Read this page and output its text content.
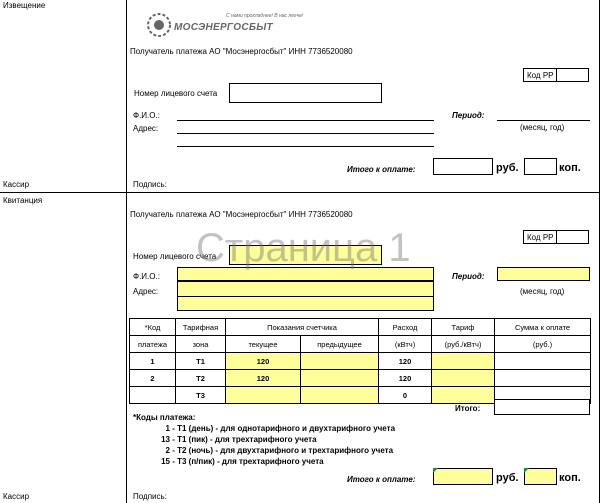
Извещение
Кассир
МОСЭНЕРГОСБЫТ
С нами прохладнее! В нас легче!
Получатель платежа АО "Мосэнергосбыт" ИНН 7736520080
Код РР
Номер лицевого счета
Ф.И.О.:
Адрес:
Период:
(месяц, год)
Итого к оплате:	руб.	коп.
Подпись:
Квитанция
Кассир
Получатель платежа АО "Мосэнергосбыт" ИНН 7736520080
Код РР
Номер лицевого счета
Ф.И.О.:
Адрес:
Период:
(месяц, год)
Страница 1
*Код	Тарифная	Показания счетчика		Расход	Тариф	Сумма к оплате
платежа	зона	текущее	предыдущее	(кВтч)	(руб./кВтч)	(руб.)
1	Т1	120		120		
2	Т2	120		120		
	Т3			0		
Итого:
*Коды платежа:
1 - Т1 (день) - для однотарифного и двухтарифного учета
13 - Т1 (пик) - для трехтарифного учета
2 - Т2 (ночь) - для двухтарифного и трехтарифного учета
15 - Т3 (п/пик) - для трехтарифного учета
Итого к оплате:	руб.	коп.
Подпись:
